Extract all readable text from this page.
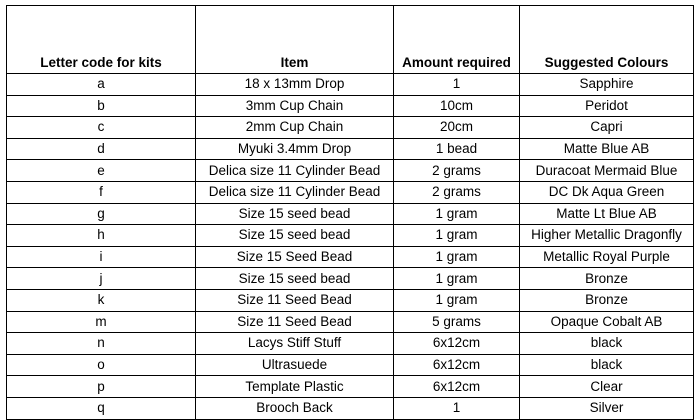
Letter code for kits	Item	Amount required	Suggested Colours
a	18 x 13mm Drop	1	Sapphire
b	3mm Cup Chain	10cm	Peridot
c	2mm Cup Chain	20cm	Capri
d	Myuki 3.4mm Drop	1 bead	Matte Blue AB
e	Delica size 11 Cylinder Bead	2 grams	Duracoat Mermaid Blue
f	Delica size 11 Cylinder Bead	2 grams	DC Dk Aqua Green
g	Size 15 seed bead	1 gram	Matte Lt Blue AB
h	Size 15 seed bead	1 gram	Higher Metallic Dragonfly
i	Size 15 Seed Bead	1 gram	Metallic Royal Purple
j	Size 15 seed bead	1 gram	Bronze
k	Size 11 Seed Bead	1 gram	Bronze
m	Size 11 Seed Bead	5 grams	Opaque Cobalt AB
n	Lacys Stiff Stuff	6x12cm	black
o	Ultrasuede	6x12cm	black
p	Template Plastic	6x12cm	Clear
q	Brooch Back	1	Silver
